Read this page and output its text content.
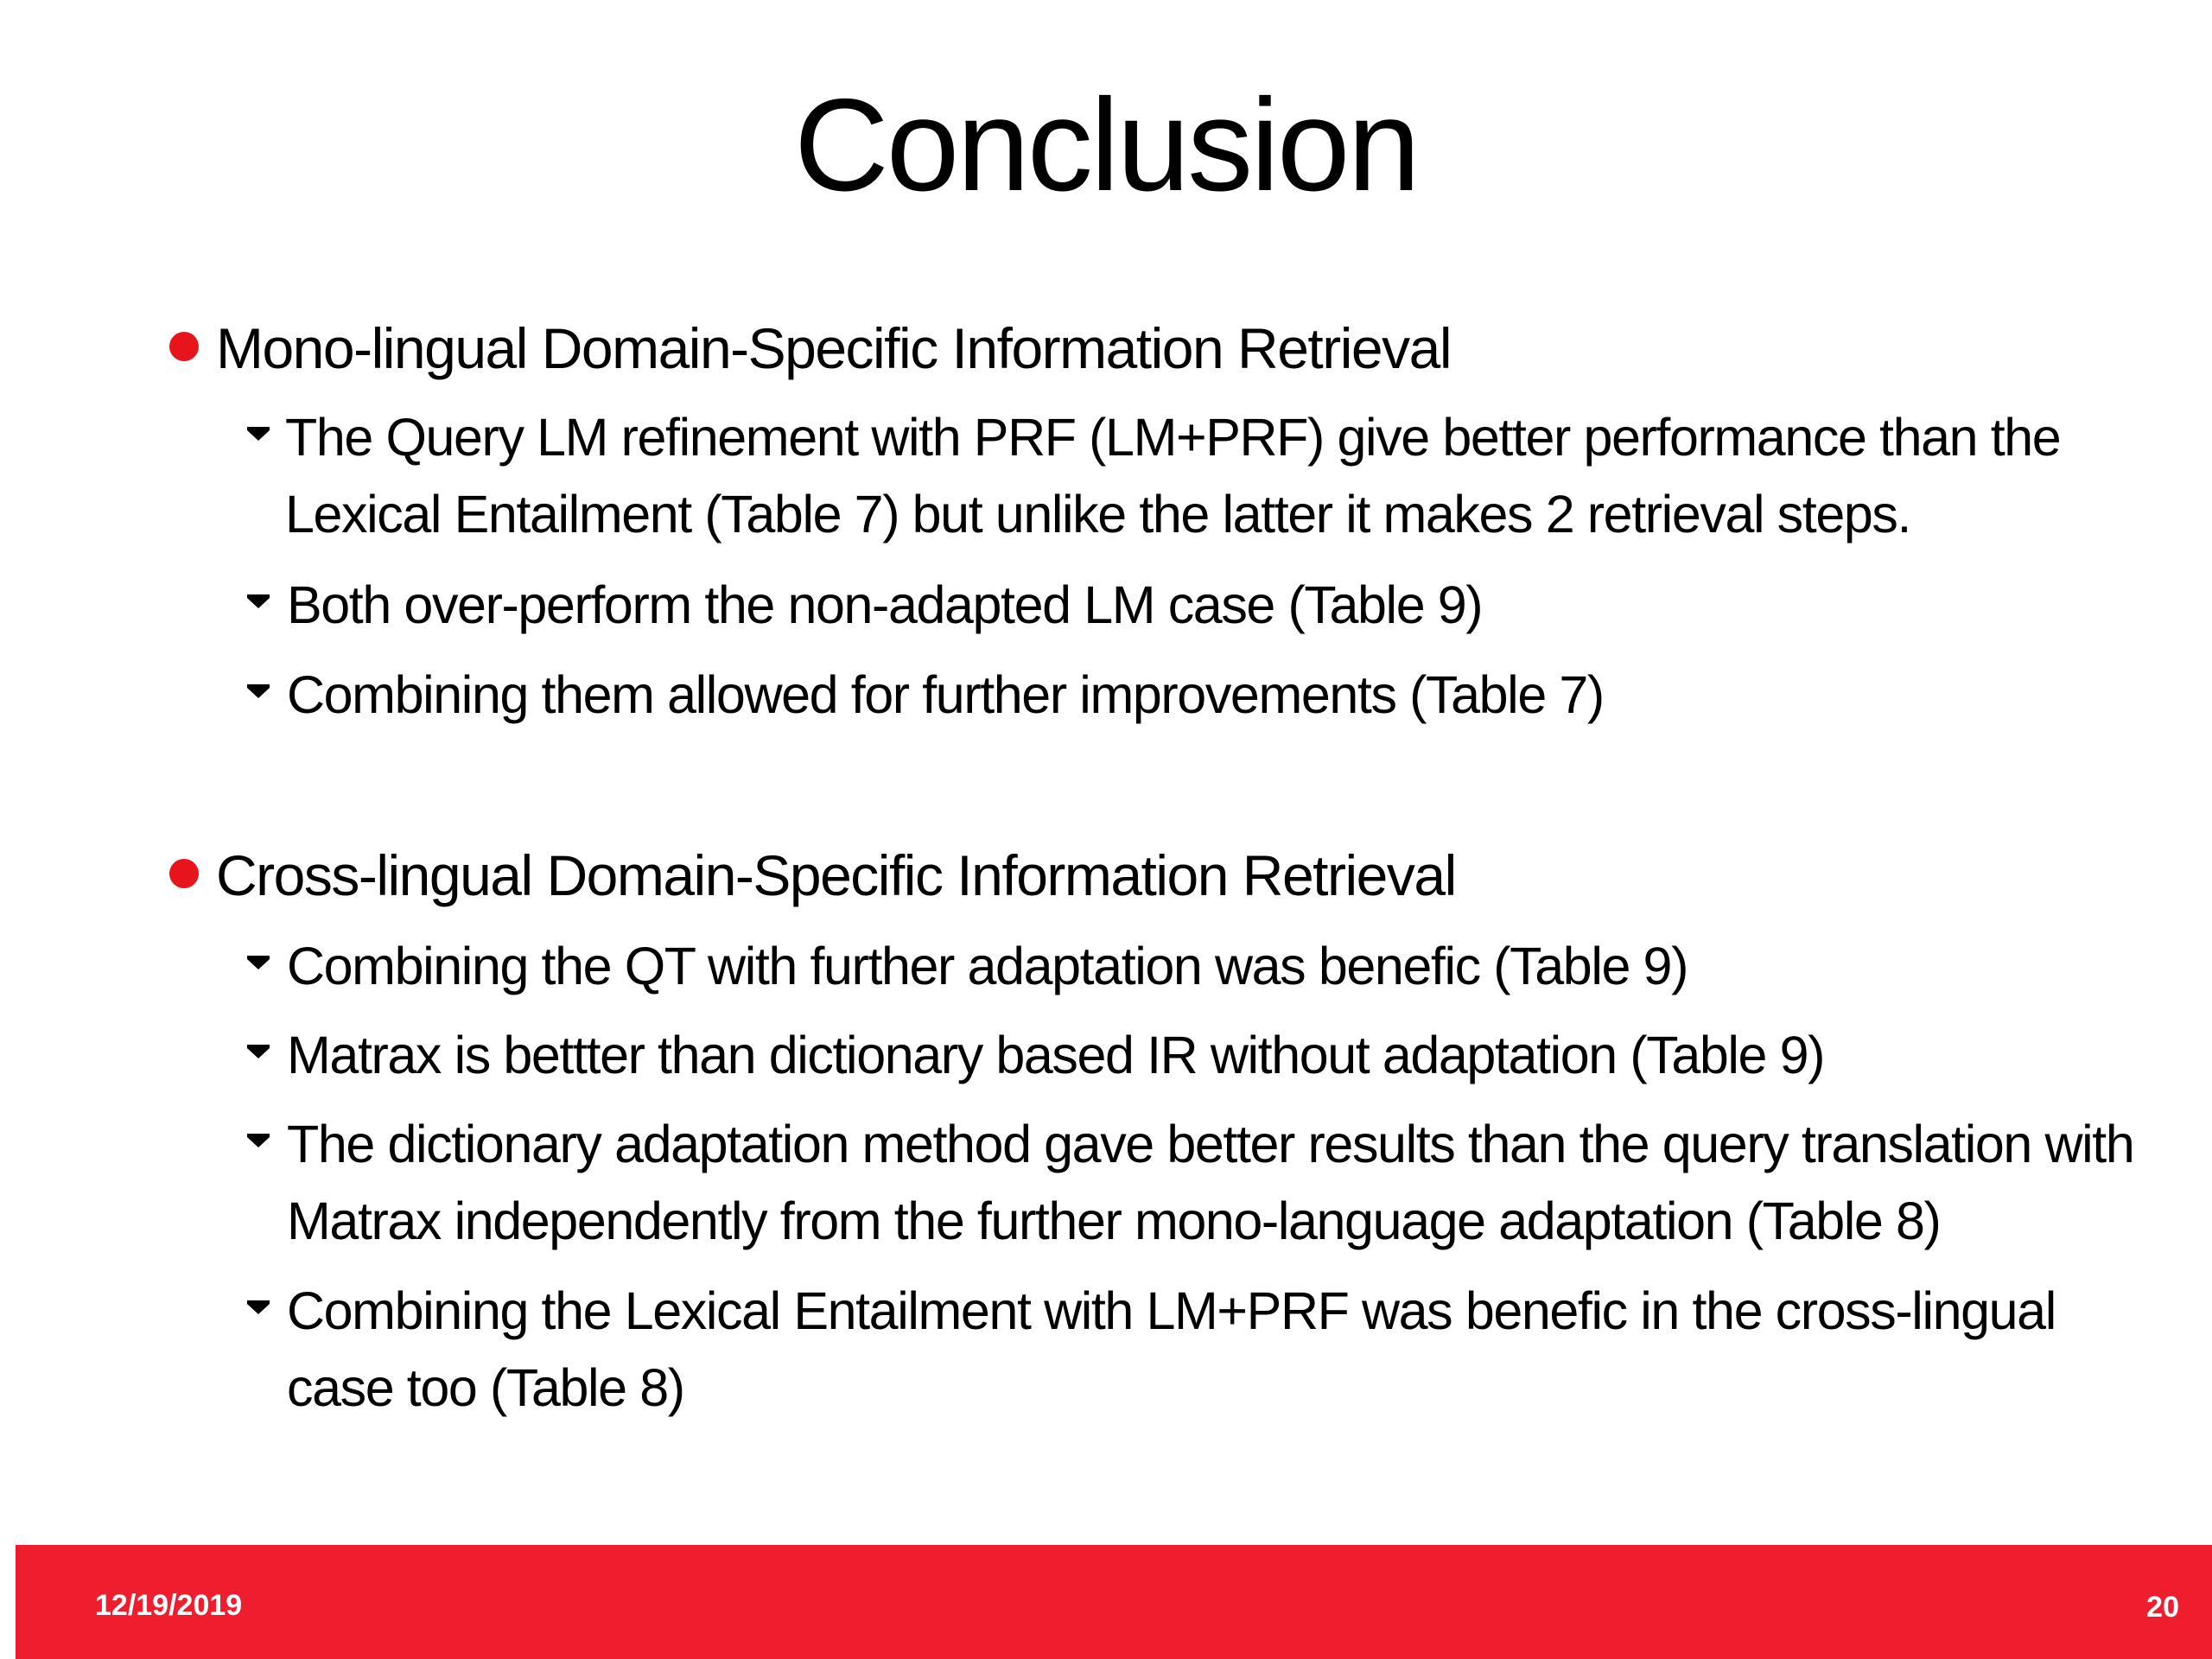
Conclusion
Mono-lingual Domain-Specific Information Retrieval
The Query LM refinement with PRF (LM+PRF) give better performance than the Lexical Entailment (Table 7) but unlike the latter it makes 2 retrieval steps.
Both over-perform the non-adapted LM case (Table 9)
Combining them allowed for further improvements (Table 7)
Cross-lingual Domain-Specific Information Retrieval
Combining the QT with further adaptation was benefic (Table 9)
Matrax is bettter than dictionary based IR without adaptation (Table 9)
The dictionary adaptation method gave better results than the query translation with Matrax independently from the further mono-language adaptation (Table 8)
Combining the Lexical Entailment with LM+PRF was benefic in the cross-lingual case too (Table 8)
12/19/2019	20
